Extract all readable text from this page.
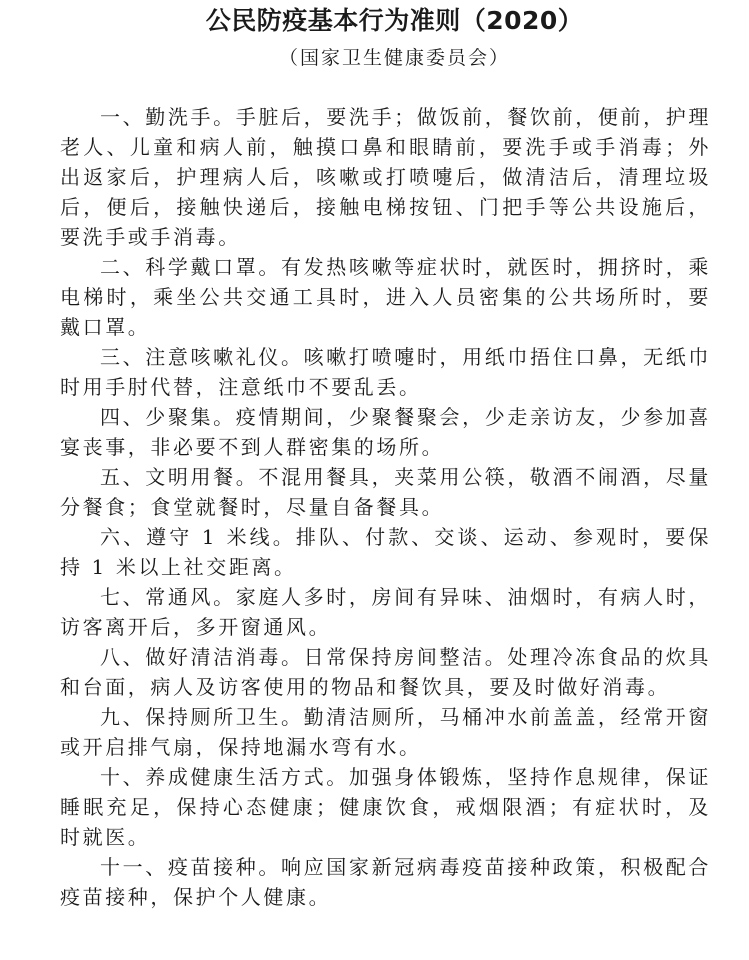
公民防疫基本行为准则（2020）
（国家卫生健康委员会）

一、勤洗手。手脏后，要洗手；做饭前，餐饮前，便前，护理老人、儿童和病人前，触摸口鼻和眼睛前，要洗手或手消毒；外出返家后，护理病人后，咳嗽或打喷嚏后，做清洁后，清理垃圾后，便后，接触快递后，接触电梯按钮、门把手等公共设施后，要洗手或手消毒。

二、科学戴口罩。有发热咳嗽等症状时，就医时，拥挤时，乘电梯时，乘坐公共交通工具时，进入人员密集的公共场所时，要戴口罩。

三、注意咳嗽礼仪。咳嗽打喷嚏时，用纸巾捂住口鼻，无纸巾时用手肘代替，注意纸巾不要乱丢。

四、少聚集。疫情期间，少聚餐聚会，少走亲访友，少参加喜宴丧事，非必要不到人群密集的场所。

五、文明用餐。不混用餐具，夹菜用公筷，敬酒不闹酒，尽量分餐食；食堂就餐时，尽量自备餐具。

六、遵守 1 米线。排队、付款、交谈、运动、参观时，要保持 1 米以上社交距离。

七、常通风。家庭人多时，房间有异味、油烟时，有病人时，访客离开后，多开窗通风。

八、做好清洁消毒。日常保持房间整洁。处理冷冻食品的炊具和台面，病人及访客使用的物品和餐饮具，要及时做好消毒。

九、保持厕所卫生。勤清洁厕所，马桶冲水前盖盖，经常开窗或开启排气扇，保持地漏水弯有水。

十、养成健康生活方式。加强身体锻炼，坚持作息规律，保证睡眠充足，保持心态健康；健康饮食，戒烟限酒；有症状时，及时就医。

十一、疫苗接种。响应国家新冠病毒疫苗接种政策，积极配合疫苗接种，保护个人健康。
